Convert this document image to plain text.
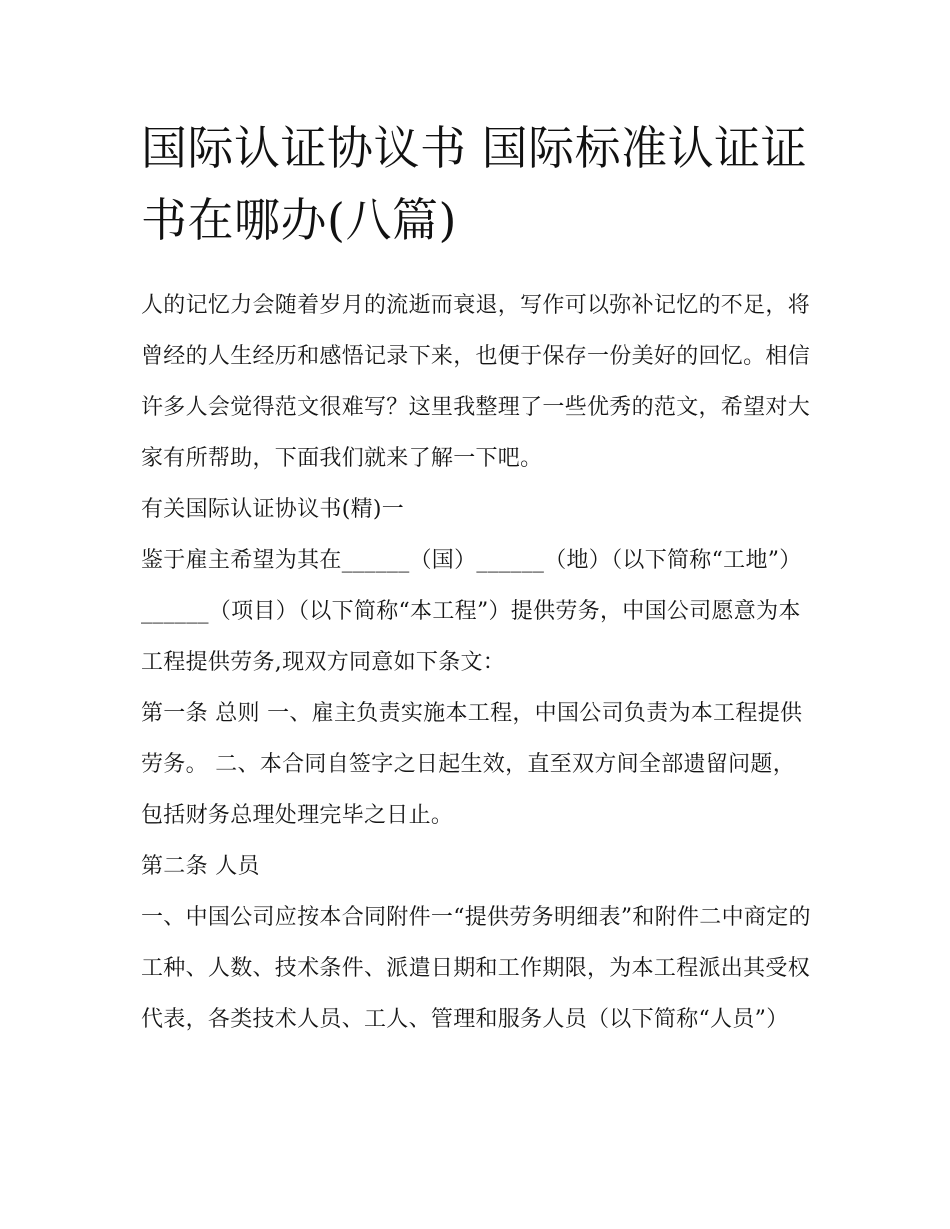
国际认证协议书 国际标准认证证书在哪办(八篇)

人的记忆力会随着岁月的流逝而衰退，写作可以弥补记忆的不足，将曾经的人生经历和感悟记录下来，也便于保存一份美好的回忆。相信许多人会觉得范文很难写？这里我整理了一些优秀的范文，希望对大家有所帮助，下面我们就来了解一下吧。

有关国际认证协议书(精)一

鉴于雇主希望为其在______（国）______（地）（以下简称“工地”）______（项目）（以下简称“本工程”）提供劳务，中国公司愿意为本工程提供劳务,现双方同意如下条文：

第一条 总则 一、雇主负责实施本工程，中国公司负责为本工程提供劳务。 二、本合同自签字之日起生效，直至双方间全部遗留问题，包括财务总理处理完毕之日止。

第二条 人员

一、中国公司应按本合同附件一“提供劳务明细表”和附件二中商定的工种、人数、技术条件、派遣日期和工作期限，为本工程派出其受权代表，各类技术人员、工人、管理和服务人员（以下简称“人员”）
